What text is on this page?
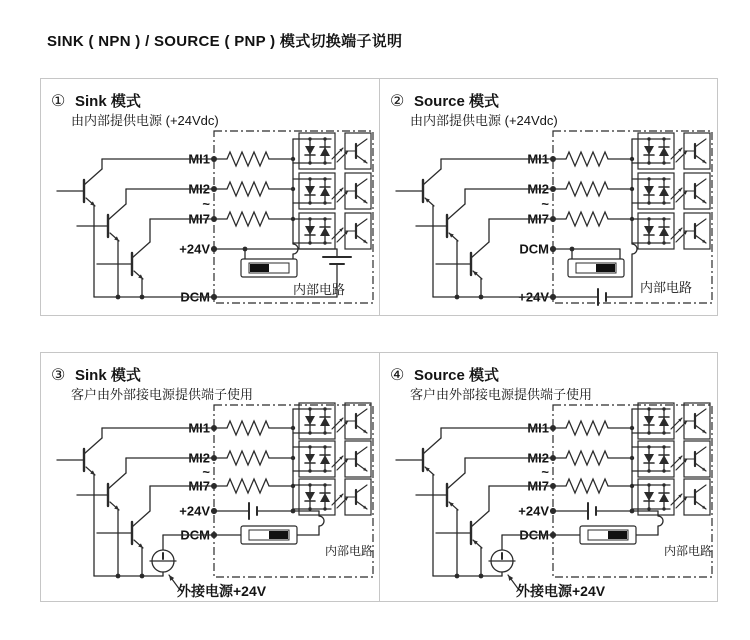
SINK ( NPN ) / SOURCE ( PNP ) 模式切换端子说明
① Sink 模式
由内部提供电源 (+24Vdc)
MI1
MI2
~
MI7
+24V
DCM	内部电路
② Source 模式
由内部提供电源 (+24Vdc)
MI1
MI2
~
MI7
DCM
+24V
内部电路
③ Sink 模式
客户由外部接电源提供端子使用
MI1
MI2
~
MI7
+24V
DCM
外接电源+24V
内部电路
④ Source 模式
客户由外部接电源提供端子使用
MI1
MI2
~
MI7
+24V
DCM
外接电源+24V
内部电路
